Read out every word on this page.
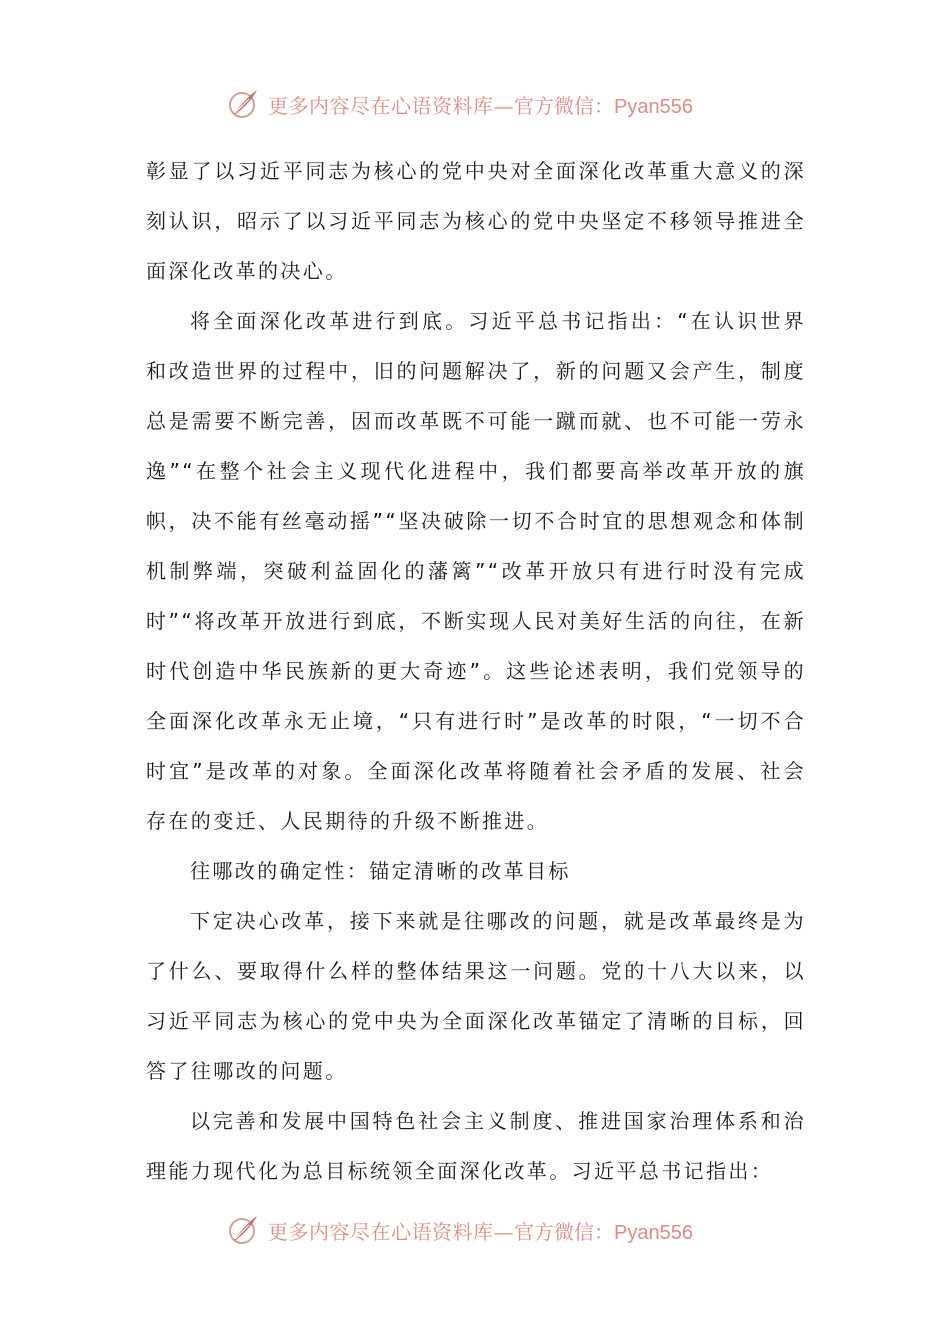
更多内容尽在心语资料库— 官方微信：Pyan556

彰显了以习近平同志为核心的党中央对全面深化改革重大意义的深刻认识，昭示了以习近平同志为核心的党中央坚定不移领导推进全面深化改革的决心。

将全面深化改革进行到底。习近平总书记指出：“在认识世界和改造世界的过程中，旧的问题解决了，新的问题又会产生，制度总是需要不断完善，因而改革既不可能一蹴而就、也不可能一劳永逸”“在整个社会主义现代化进程中，我们都要高举改革开放的旗帜，决不能有丝毫动摇”“坚决破除一切不合时宜的思想观念和体制机制弊端，突破利益固化的藩篱”“改革开放只有进行时没有完成时”“将改革开放进行到底，不断实现人民对美好生活的向往，在新时代创造中华民族新的更大奇迹”。这些论述表明，我们党领导的全面深化改革永无止境，“只有进行时”是改革的时限，“一切不合时宜”是改革的对象。全面深化改革将随着社会矛盾的发展、社会存在的变迁、人民期待的升级不断推进。

往哪改的确定性：锚定清晰的改革目标

下定决心改革，接下来就是往哪改的问题，就是改革最终是为了什么、要取得什么样的整体结果这一问题。党的十八大以来，以习近平同志为核心的党中央为全面深化改革锚定了清晰的目标，回答了往哪改的问题。

以完善和发展中国特色社会主义制度、推进国家治理体系和治理能力现代化为总目标统领全面深化改革。习近平总书记指出：

更多内容尽在心语资料库— 官方微信：Pyan556
